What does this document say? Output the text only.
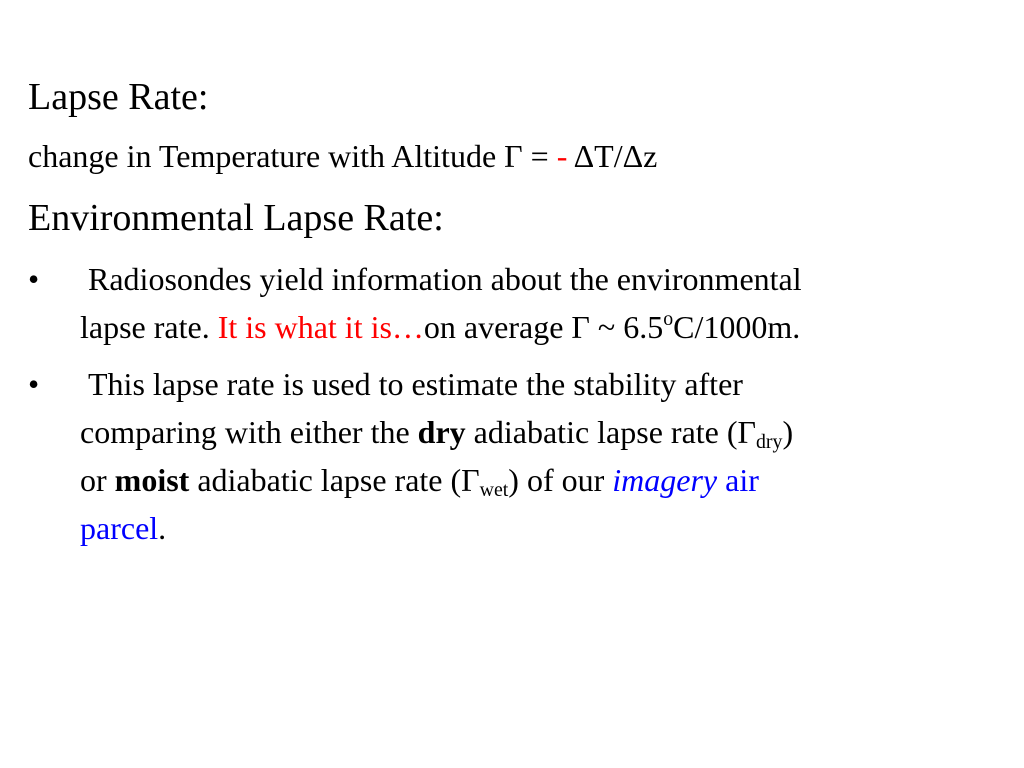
Lapse Rate:
change in Temperature with Altitude Γ = - ΔT/Δz
Environmental Lapse Rate:
• Radiosondes yield information about the environmental
lapse rate. It is what it is…on average Γ ~ 6.5$^o$C/1000m.
• This lapse rate is used to estimate the stability after
comparing with either the dry adiabatic lapse rate $(\Gamma_{dry})$
or moist adiabatic lapse rate $(\Gamma_{wet})$ of our imagery air
parcel.
